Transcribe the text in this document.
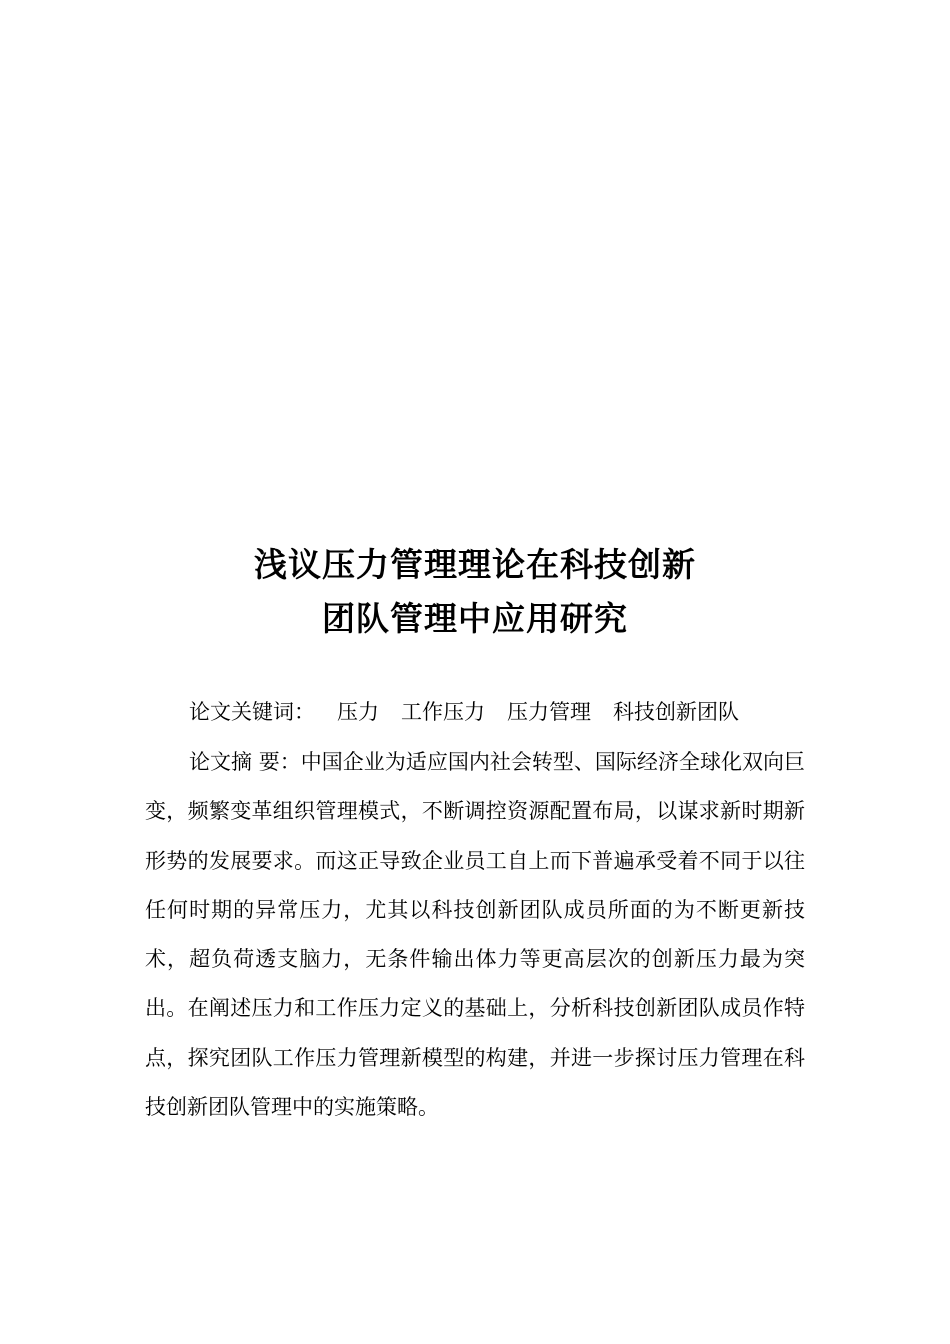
浅议压力管理理论在科技创新
团队管理中应用研究
论文关键词： 压力 工作压力 压力管理 科技创新团队
论文摘 要：中国企业为适应国内社会转型、国际经济全球化双向巨变，频繁变革组织管理模式，不断调控资源配置布局，以谋求新时期新形势的发展要求。而这正导致企业员工自上而下普遍承受着不同于以往任何时期的异常压力，尤其以科技创新团队成员所面的为不断更新技术，超负荷透支脑力，无条件输出体力等更高层次的创新压力最为突出。在阐述压力和工作压力定义的基础上，分析科技创新团队成员作特点，探究团队工作压力管理新模型的构建，并进一步探讨压力管理在科技创新团队管理中的实施策略。
